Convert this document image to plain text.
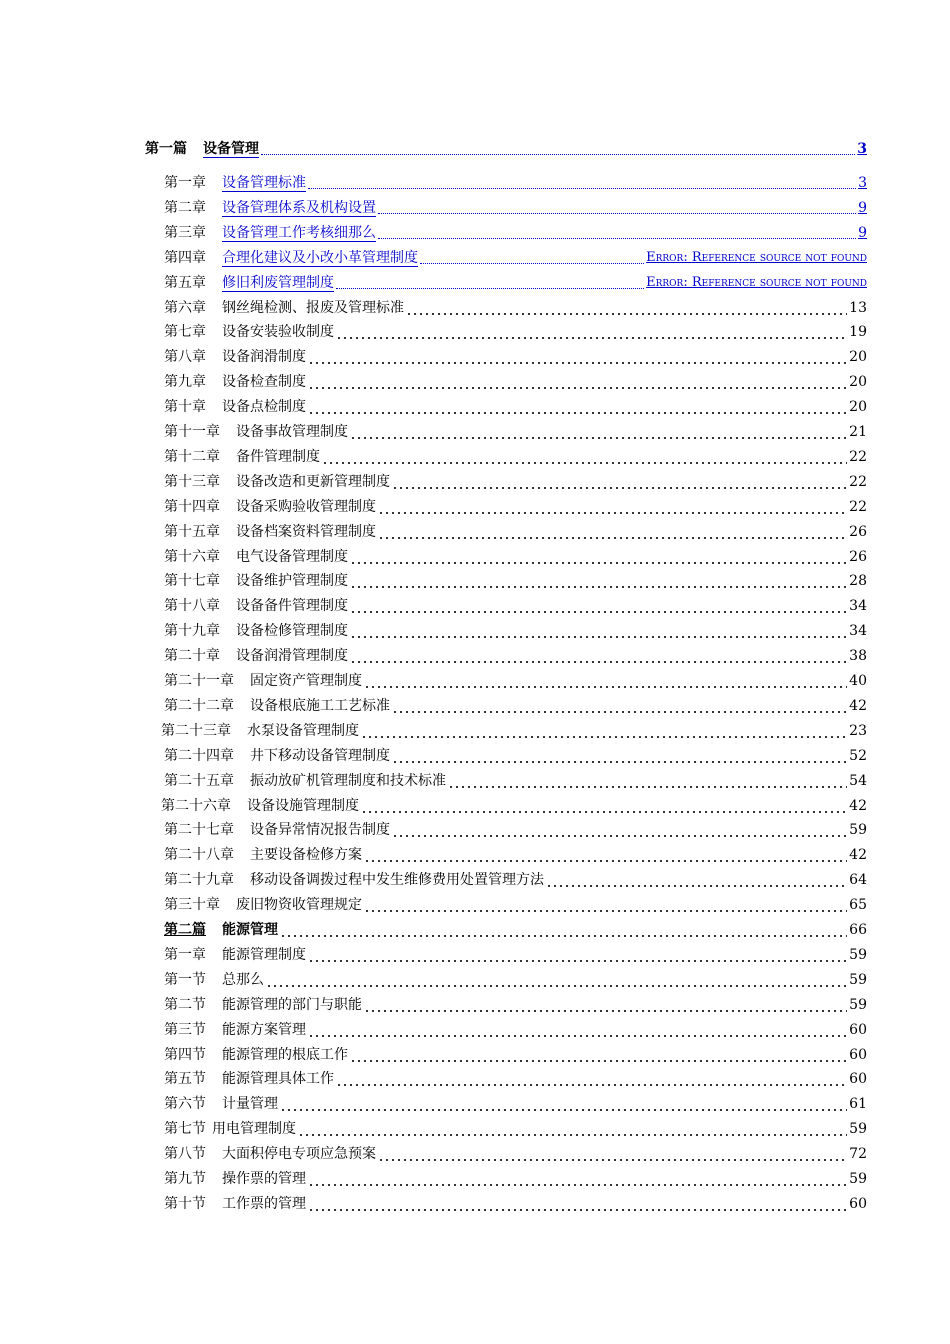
第一篇 设备管理	3
第一章 设备管理标准	3
第二章 设备管理体系及机构设置	9
第三章 设备管理工作考核细那么	9
第四章 合理化建议及小改小革管理制度	Error: Reference source not found
第五章 修旧利废管理制度	Error: Reference source not found
第六章 钢丝绳检测、报废及管理标准	13
第七章 设备安装验收制度	19
第八章 设备润滑制度	20
第九章 设备检查制度	20
第十章 设备点检制度	20
第十一章 设备事故管理制度	21
第十二章 备件管理制度	22
第十三章 设备改造和更新管理制度	22
第十四章 设备采购验收管理制度	22
第十五章 设备档案资料管理制度	26
第十六章 电气设备管理制度	26
第十七章 设备维护管理制度	28
第十八章 设备备件管理制度	34
第十九章 设备检修管理制度	34
第二十章 设备润滑管理制度	38
第二十一章 固定资产管理制度	40
第二十二章 设备根底施工工艺标准	42
第二十三章 水泵设备管理制度	23
第二十四章 井下移动设备管理制度	52
第二十五章 振动放矿机管理制度和技术标准	54
第二十六章 设备设施管理制度	42
第二十七章 设备异常情况报告制度	59
第二十八章 主要设备检修方案	42
第二十九章 移动设备调拨过程中发生维修费用处置管理方法	64
第三十章 废旧物资收管理规定	65
第二篇 能源管理	66
第一章 能源管理制度	59
第一节 总那么	59
第二节 能源管理的部门与职能	59
第三节 能源方案管理	60
第四节 能源管理的根底工作	60
第五节 能源管理具体工作	60
第六节 计量管理	61
第七节 用电管理制度	59
第八节 大面积停电专项应急预案	72
第九节 操作票的管理	59
第十节 工作票的管理	60
